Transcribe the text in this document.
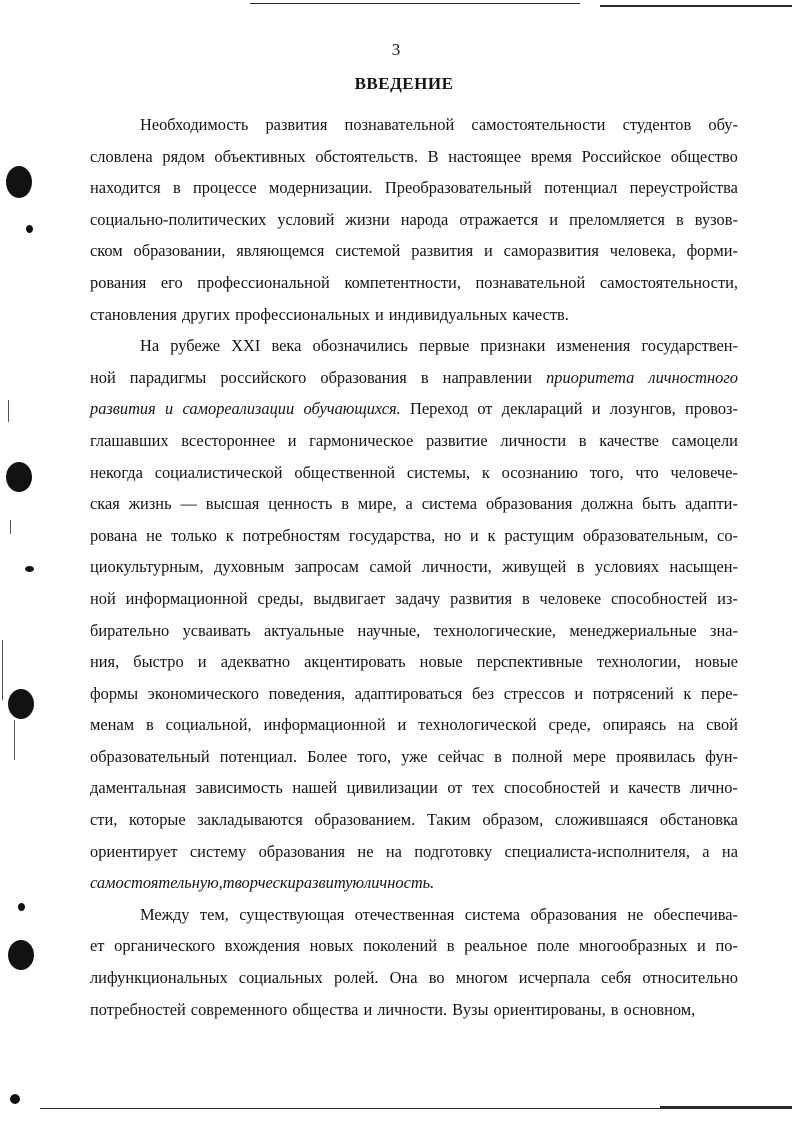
3
ВВЕДЕНИЕ
Необходимость развития познавательной самостоятельности студентов обу-
словлена рядом объективных обстоятельств. В настоящее время Российское общество
находится в процессе модернизации. Преобразовательный потенциал переустройства
социально-политических условий жизни народа отражается и преломляется в вузов-
ском образовании, являющемся системой развития и саморазвития человека, форми-
рования его профессиональной компетентности, познавательной самостоятельности,
становления других профессиональных и индивидуальных качеств.
На рубеже XXI века обозначились первые признаки изменения государствен-
ной парадигмы российского образования в направлении приоритета личностного
развития и самореализации обучающихся. Переход от деклараций и лозунгов, провоз-
глашавших всестороннее и гармоническое развитие личности в качестве самоцели
некогда социалистической общественной системы, к осознанию того, что человече-
ская жизнь — высшая ценность в мире, а система образования должна быть адапти-
рована не только к потребностям государства, но и к растущим образовательным, со-
циокультурным, духовным запросам самой личности, живущей в условиях насыщен-
ной информационной среды, выдвигает задачу развития в человеке способностей из-
бирательно усваивать актуальные научные, технологические, менеджериальные зна-
ния, быстро и адекватно акцентировать новые перспективные технологии, новые
формы экономического поведения, адаптироваться без стрессов и потрясений к пере-
менам в социальной, информационной и технологической среде, опираясь на свой
образовательный потенциал. Более того, уже сейчас в полной мере проявилась фун-
даментальная зависимость нашей цивилизации от тех способностей и качеств лично-
сти, которые закладываются образованием. Таким образом, сложившаяся обстановка
ориентирует систему образования не на подготовку специалиста-исполнителя, а на
самостоятельную, творчески развитую личность.
Между тем, существующая отечественная система образования не обеспечива-
ет органического вхождения новых поколений в реальное поле многообразных и по-
лифункциональных социальных ролей. Она во многом исчерпала себя относительно
потребностей современного общества и личности. Вузы ориентированы, в основном,
